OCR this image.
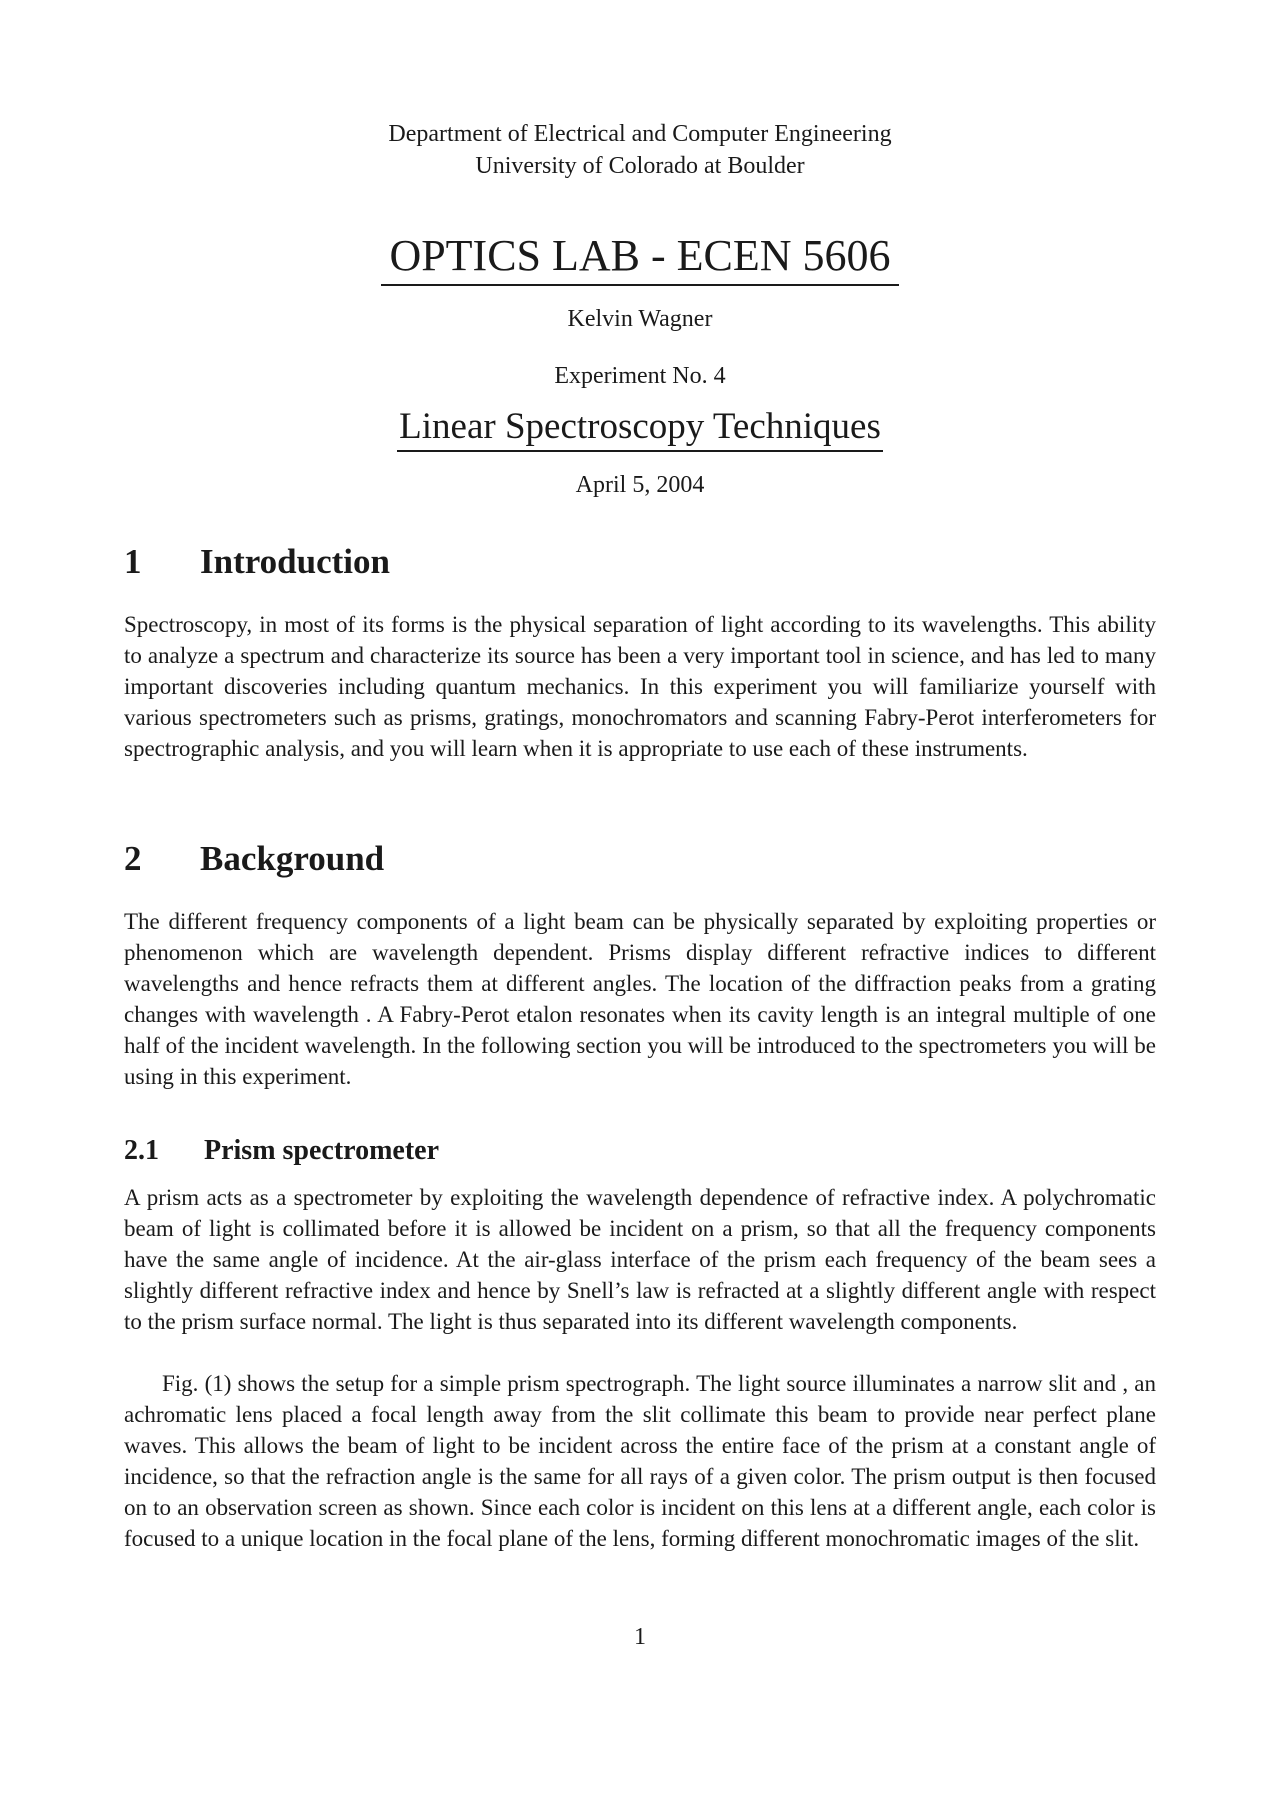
Department of Electrical and Computer Engineering

University of Colorado at Boulder

OPTICS LAB - ECEN 5606

Kelvin Wagner

Experiment No. 4

Linear Spectroscopy Techniques

April 5, 2004

1 Introduction

Spectroscopy, in most of its forms is the physical separation of light according to its wavelengths. This ability to analyze a spectrum and characterize its source has been a very important tool in science, and has led to many important discoveries including quantum mechanics. In this experiment you will familiarize yourself with various spectrometers such as prisms, gratings, monochromators and scanning Fabry-Perot interferometers for spectrographic analysis, and you will learn when it is appropriate to use each of these instruments.

2 Background

The different frequency components of a light beam can be physically separated by exploiting properties or phenomenon which are wavelength dependent. Prisms display different refractive indices to different wavelengths and hence refracts them at different angles. The location of the diffraction peaks from a grating changes with wavelength . A Fabry-Perot etalon resonates when its cavity length is an integral multiple of one half of the incident wavelength. In the following section you will be introduced to the spectrometers you will be using in this experiment.

2.1 Prism spectrometer

A prism acts as a spectrometer by exploiting the wavelength dependence of refractive index. A polychromatic beam of light is collimated before it is allowed be incident on a prism, so that all the frequency components have the same angle of incidence. At the air-glass interface of the prism each frequency of the beam sees a slightly different refractive index and hence by Snell’s law is refracted at a slightly different angle with respect to the prism surface normal. The light is thus separated into its different wavelength components.

Fig. (1) shows the setup for a simple prism spectrograph. The light source illuminates a narrow slit and , an achromatic lens placed a focal length away from the slit collimate this beam to provide near perfect plane waves. This allows the beam of light to be incident across the entire face of the prism at a constant angle of incidence, so that the refraction angle is the same for all rays of a given color. The prism output is then focused on to an observation screen as shown. Since each color is incident on this lens at a different angle, each color is focused to a unique location in the focal plane of the lens, forming different monochromatic images of the slit.

1
